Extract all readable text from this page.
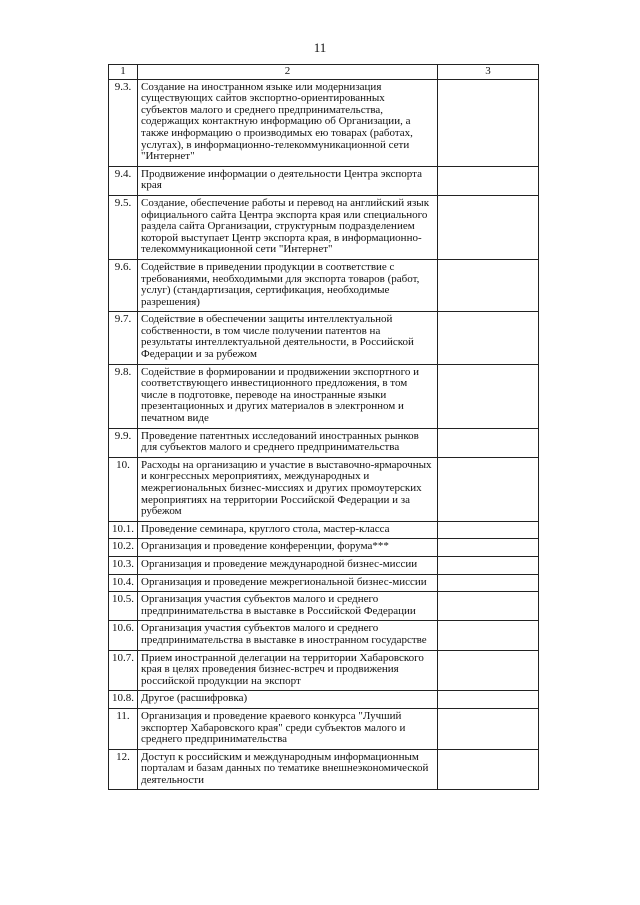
11
1	2	3
9.3.	Создание на иностранном языке или модернизация существующих сайтов экспортно-ориентированных субъектов малого и среднего предпринимательства, содержащих контактную информацию об Организации, а также информацию о производимых ею товарах (работах, услугах), в информационно-телекоммуникационной сети "Интернет"	
9.4.	Продвижение информации о деятельности Центра экспорта края	
9.5.	Создание, обеспечение работы и перевод на английский язык официального сайта Центра экспорта края или специального раздела сайта Организации, структурным подразделением которой выступает Центр экспорта края, в информационно-телекоммуникационной сети "Интернет"	
9.6.	Содействие в приведении продукции в соответствие с требованиями, необходимыми для экспорта товаров (работ, услуг) (стандартизация, сертификация, необходимые разрешения)	
9.7.	Содействие в обеспечении защиты интеллектуальной собственности, в том числе получении патентов на результаты интеллектуальной деятельности, в Российской Федерации и за рубежом	
9.8.	Содействие в формировании и продвижении экспортного и соответствующего инвестиционного предложения, в том числе в подготовке, переводе на иностранные языки презентационных и других материалов в электронном и печатном виде	
9.9.	Проведение патентных исследований иностранных рынков для субъектов малого и среднего предпринимательства	
10.	Расходы на организацию и участие в выставочно-ярмарочных и конгрессных мероприятиях, международных и межрегиональных бизнес-миссиях и других промоутерских мероприятиях на территории Российской Федерации и за рубежом	
10.1.	Проведение семинара, круглого стола, мастер-класса	
10.2.	Организация и проведение конференции, форума***	
10.3.	Организация и проведение международной бизнес-миссии	
10.4.	Организация и проведение межрегиональной бизнес-миссии	
10.5.	Организация участия субъектов малого и среднего предпринимательства в выставке в Российской Федерации	
10.6.	Организация участия субъектов малого и среднего предпринимательства в выставке в иностранном государстве	
10.7.	Прием иностранной делегации на территории Хабаровского края в целях проведения бизнес-встреч и продвижения российской продукции на экспорт	
10.8.	Другое (расшифровка)	
11.	Организация и проведение краевого конкурса "Лучший экспортер Хабаровского края" среди субъектов малого и среднего предпринимательства	
12.	Доступ к российским и международным информационным порталам и базам данных по тематике внешнеэкономической деятельности	
